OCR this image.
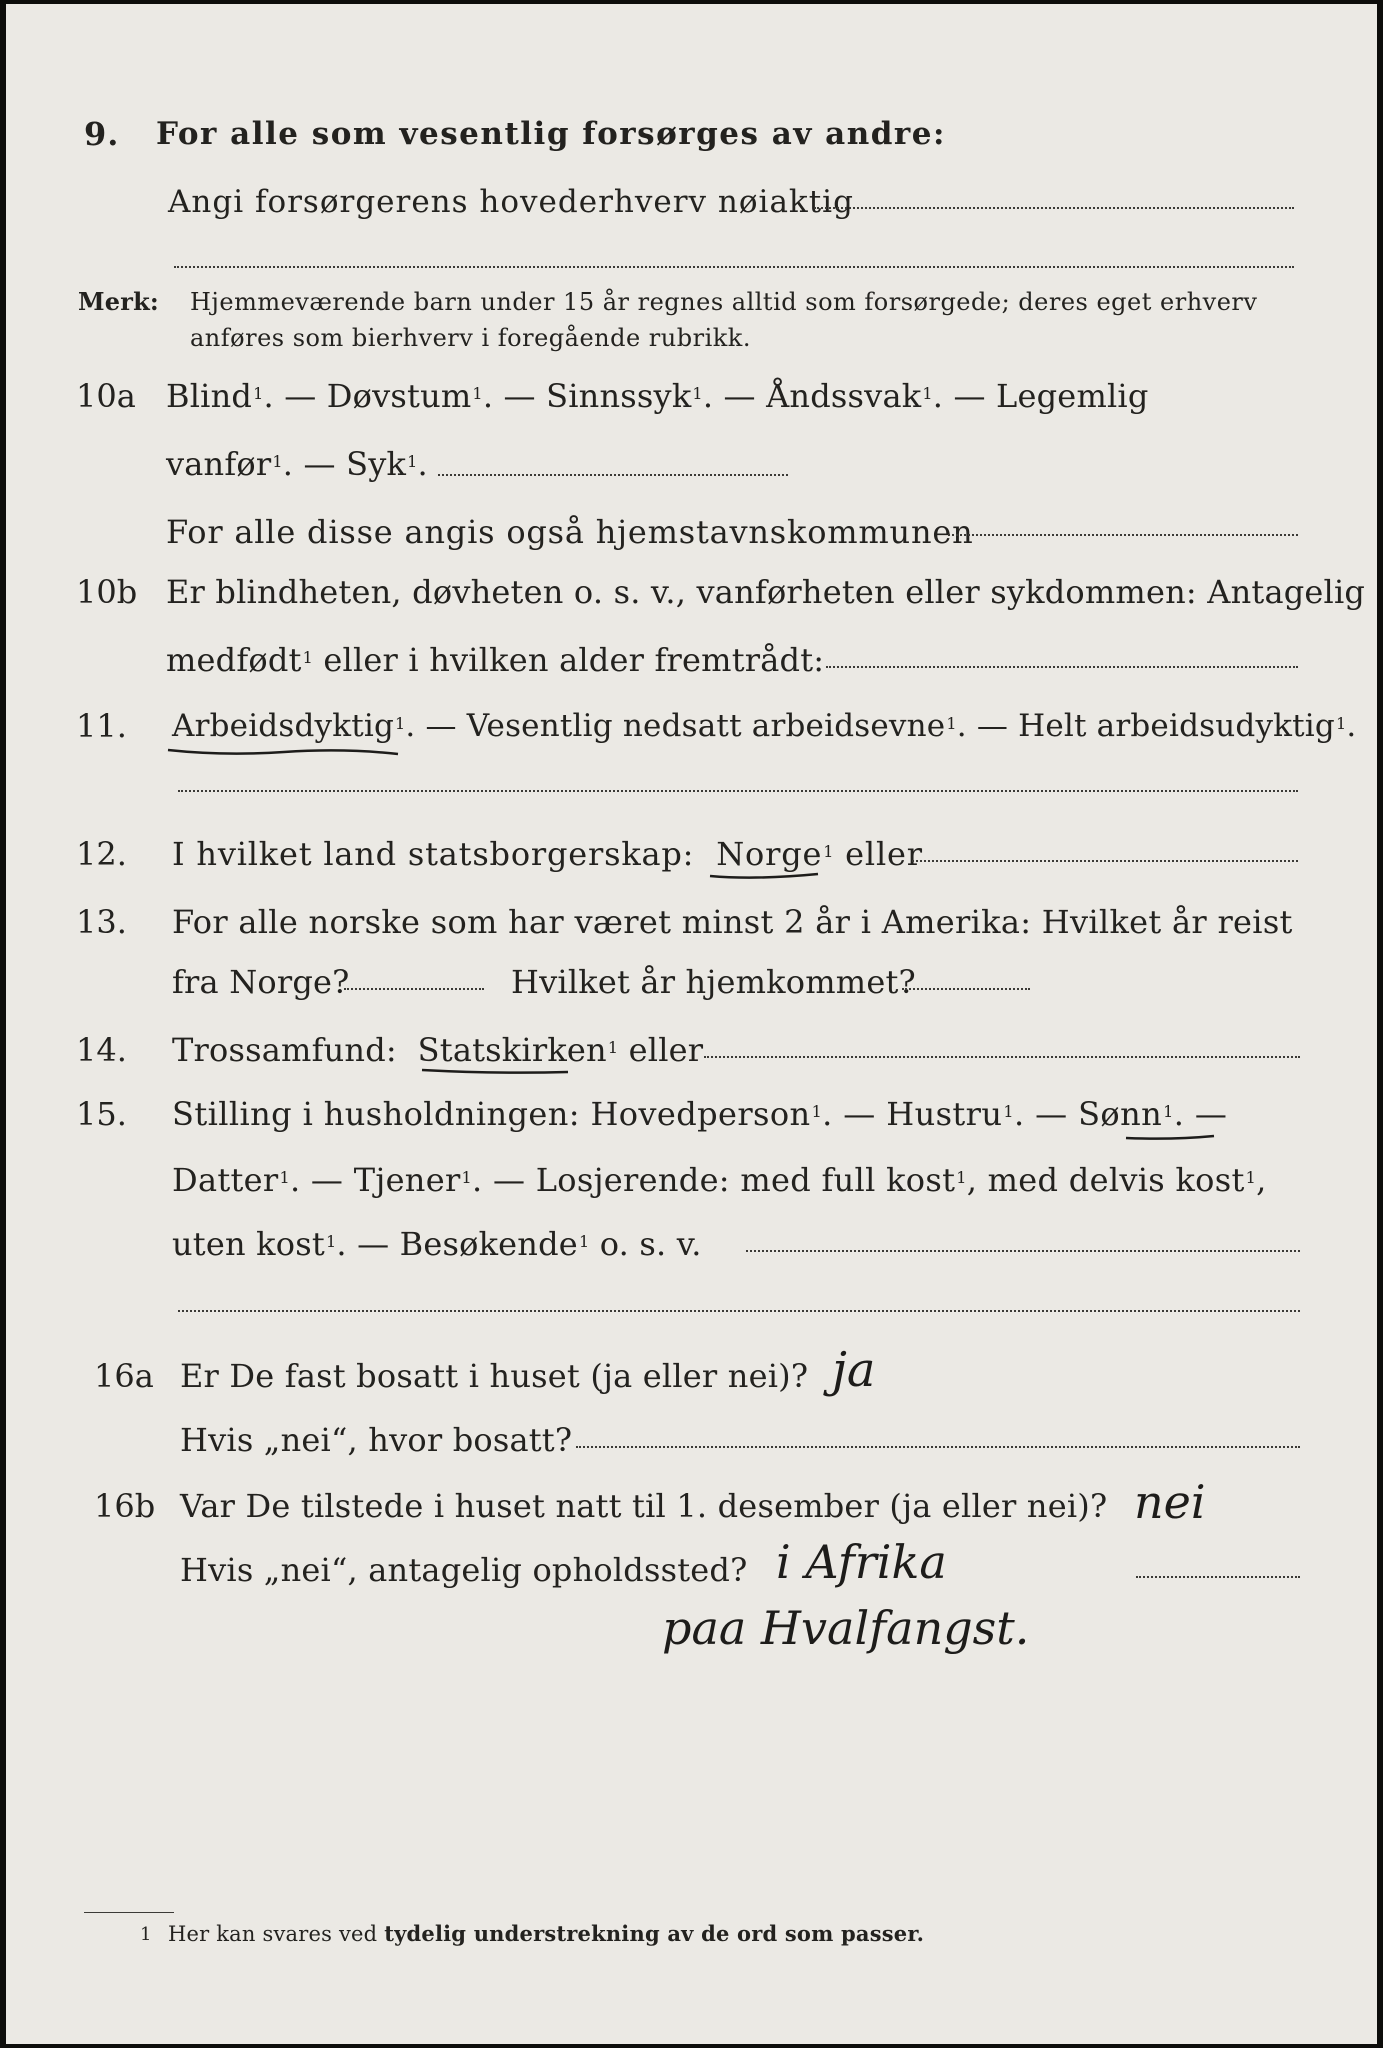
9. For alle som vesentlig forsørges av andre:
Angi forsørgerens hovederhverv nøiaktig
Merk: Hjemmeværende barn under 15 år regnes alltid som forsørgede; deres eget erhverv
anføres som bierhverv i foregående rubrikk.
10a Blind$^1$. — Døvstum$^1$. — Sinnssyk$^1$. — Åndssvak$^1$. — Legemlig
vanfør$^1$. — Syk$^1$.
For alle disse angis også hjemstavnskommunen
10b Er blindheten, døvheten o. s. v., vanførheten eller sykdommen: Antagelig
medfødt$^1$ eller i hvilken alder fremtrådt:
11. Arbeidsdyktig$^1$. — Vesentlig nedsatt arbeidsevne$^1$. — Helt arbeidsudyktig$^1$.
12. I hvilket land statsborgerskap: Norge$^1$ eller
13. For alle norske som har været minst 2 år i Amerika: Hvilket år reist
fra Norge?	Hvilket år hjemkommet?
14. Trossamfund: Statskirken$^1$ eller
15. Stilling i husholdningen: Hovedperson$^1$. — Hustru$^1$. — Sønn$^1$. —
Datter$^1$. — Tjener$^1$. — Losjerende: med full kost$^1$, med delvis kost$^1$,
uten kost$^1$. — Besøkende$^1$ o. s. v.
16a Er De fast bosatt i huset (ja eller nei)? ja
Hvis „nei“, hvor bosatt?
16b Var De tilstede i huset natt til 1. desember (ja eller nei)? nei
Hvis „nei“, antagelig opholdssted? i Afrika
paa Hvalfangst.
1 Her kan svares ved tydelig understrekning av de ord som passer.
